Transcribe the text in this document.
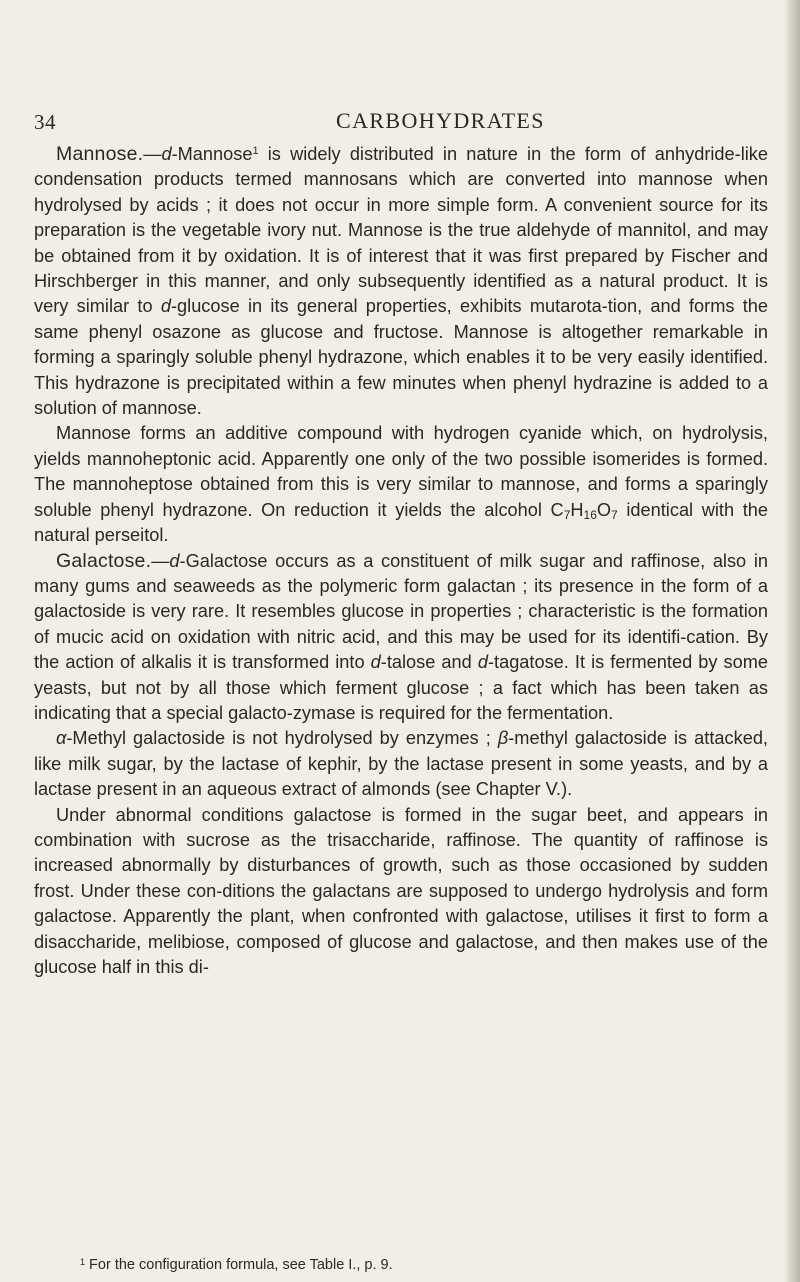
34	CARBOHYDRATES

Mannose.—d-Mannose$^1$ is widely distributed in nature in the form of anhydride-like condensation products termed mannosans which are converted into mannose when hydrolysed by acids ; it does not occur in more simple form. A convenient source for its preparation is the vegetable ivory nut. Mannose is the true aldehyde of mannitol, and may be obtained from it by oxidation. It is of interest that it was first prepared by Fischer and Hirschberger in this manner, and only subsequently identified as a natural product. It is very similar to d-glucose in its general properties, exhibits mutarota-tion, and forms the same phenyl osazone as glucose and fructose. Mannose is altogether remarkable in forming a sparingly soluble phenyl hydrazone, which enables it to be very easily identified. This hydrazone is precipitated within a few minutes when phenyl hydrazine is added to a solution of mannose.

Mannose forms an additive compound with hydrogen cyanide which, on hydrolysis, yields mannoheptonic acid. Apparently one only of the two possible isomerides is formed. The mannoheptose obtained from this is very similar to mannose, and forms a sparingly soluble phenyl hydrazone. On reduction it yields the alcohol $C_7H_{16}O_7$ identical with the natural perseitol.

Galactose.—d-Galactose occurs as a constituent of milk sugar and raffinose, also in many gums and seaweeds as the polymeric form galactan ; its presence in the form of a galactoside is very rare. It resembles glucose in properties ; characteristic is the formation of mucic acid on oxidation with nitric acid, and this may be used for its identifi-cation. By the action of alkalis it is transformed into d-talose and d-tagatose. It is fermented by some yeasts, but not by all those which ferment glucose ; a fact which has been taken as indicating that a special galacto-zymase is required for the fermentation.

α-Methyl galactoside is not hydrolysed by enzymes ; β-methyl galactoside is attacked, like milk sugar, by the lactase of kephir, by the lactase present in some yeasts, and by a lactase present in an aqueous extract of almonds (see Chapter V.).

Under abnormal conditions galactose is formed in the sugar beet, and appears in combination with sucrose as the trisaccharide, raffinose. The quantity of raffinose is increased abnormally by disturbances of growth, such as those occasioned by sudden frost. Under these con-ditions the galactans are supposed to undergo hydrolysis and form galactose. Apparently the plant, when confronted with galactose, utilises it first to form a disaccharide, melibiose, composed of glucose and galactose, and then makes use of the glucose half in this di-

$^1$ For the configuration formula, see Table I., p. 9.
